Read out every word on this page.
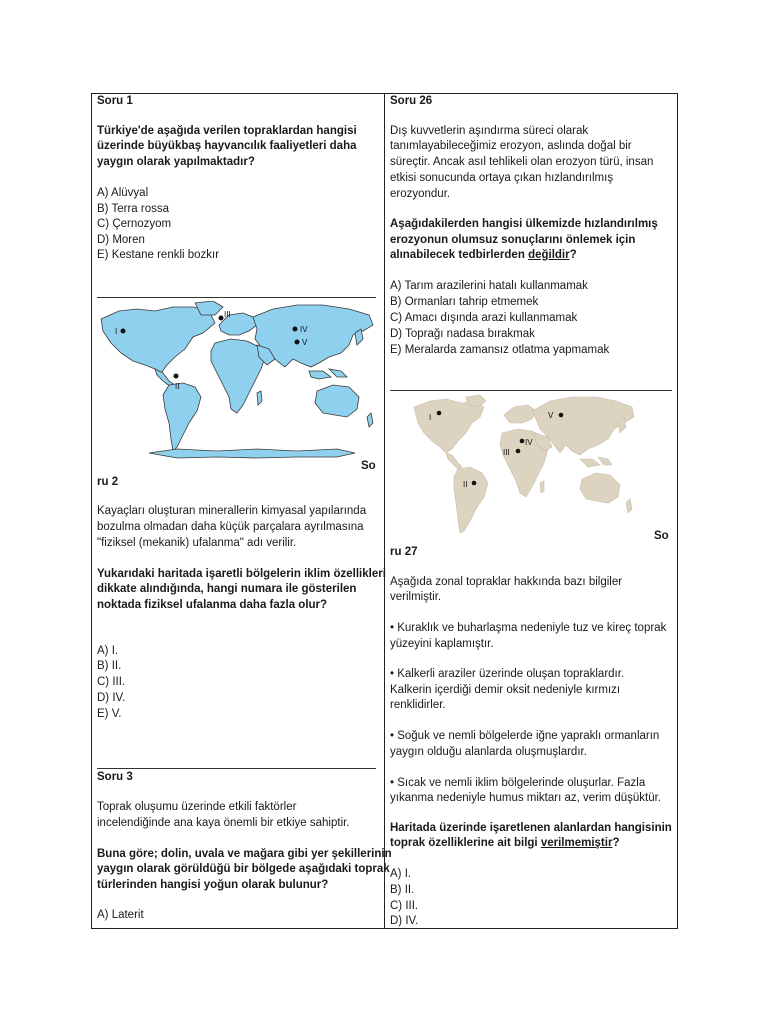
Soru 1
Türkiye'de aşağıda verilen topraklardan hangisi
üzerinde büyükbaş hayvancılık faaliyetleri daha
yaygın olarak yapılmaktadır?
A) Alüvyal
B) Terra rossa
C) Çernozyom
D) Moren
E) Kestane renkli bozkır
I
II
III
IV
V
So
ru 2
Kayaçları oluşturan minerallerin kimyasal yapılarında
bozulma olmadan daha küçük parçalara ayrılmasına
"fiziksel (mekanik) ufalanma" adı verilir.
Yukarıdaki haritada işaretli bölgelerin iklim özellikleri
dikkate alındığında, hangi numara ile gösterilen
noktada fiziksel ufalanma daha fazla olur?
A) I.
B) II.
C) III.
D) IV.
E) V.
Soru 3
Toprak oluşumu üzerinde etkili faktörler
incelendiğinde ana kaya önemli bir etkiye sahiptir.
Buna göre; dolin, uvala ve mağara gibi yer şekillerinin
yaygın olarak görüldüğü bir bölgede aşağıdaki toprak
türlerinden hangisi yoğun olarak bulunur?
A) Laterit
Soru 26
Dış kuvvetlerin aşındırma süreci olarak
tanımlayabileceğimiz erozyon, aslında doğal bir
süreçtir. Ancak asıl tehlikeli olan erozyon türü, insan
etkisi sonucunda ortaya çıkan hızlandırılmış
erozyondur.
Aşağıdakilerden hangisi ülkemizde hızlandırılmış
erozyonun olumsuz sonuçlarını önlemek için
alınabilecek tedbirlerden değildir?
A) Tarım arazilerini hatalı kullanmamak
B) Ormanları tahrip etmemek
C) Amacı dışında arazi kullanmamak
D) Toprağı nadasa bırakmak
E) Meralarda zamansız otlatma yapmamak
I
II
III
IV
V
So
ru 27
Aşağıda zonal topraklar hakkında bazı bilgiler
verilmiştir.
• Kuraklık ve buharlaşma nedeniyle tuz ve kireç toprak
yüzeyini kaplamıştır.
• Kalkerli araziler üzerinde oluşan topraklardır.
Kalkerin içerdiği demir oksit nedeniyle kırmızı
renklidirler.
• Soğuk ve nemli bölgelerde iğne yapraklı ormanların
yaygın olduğu alanlarda oluşmuşlardır.
• Sıcak ve nemli iklim bölgelerinde oluşurlar. Fazla
yıkanma nedeniyle humus miktarı az, verim düşüktür.
Haritada üzerinde işaretlenen alanlardan hangisinin
toprak özelliklerine ait bilgi verilmemiştir?
A) I.
B) II.
C) III.
D) IV.
